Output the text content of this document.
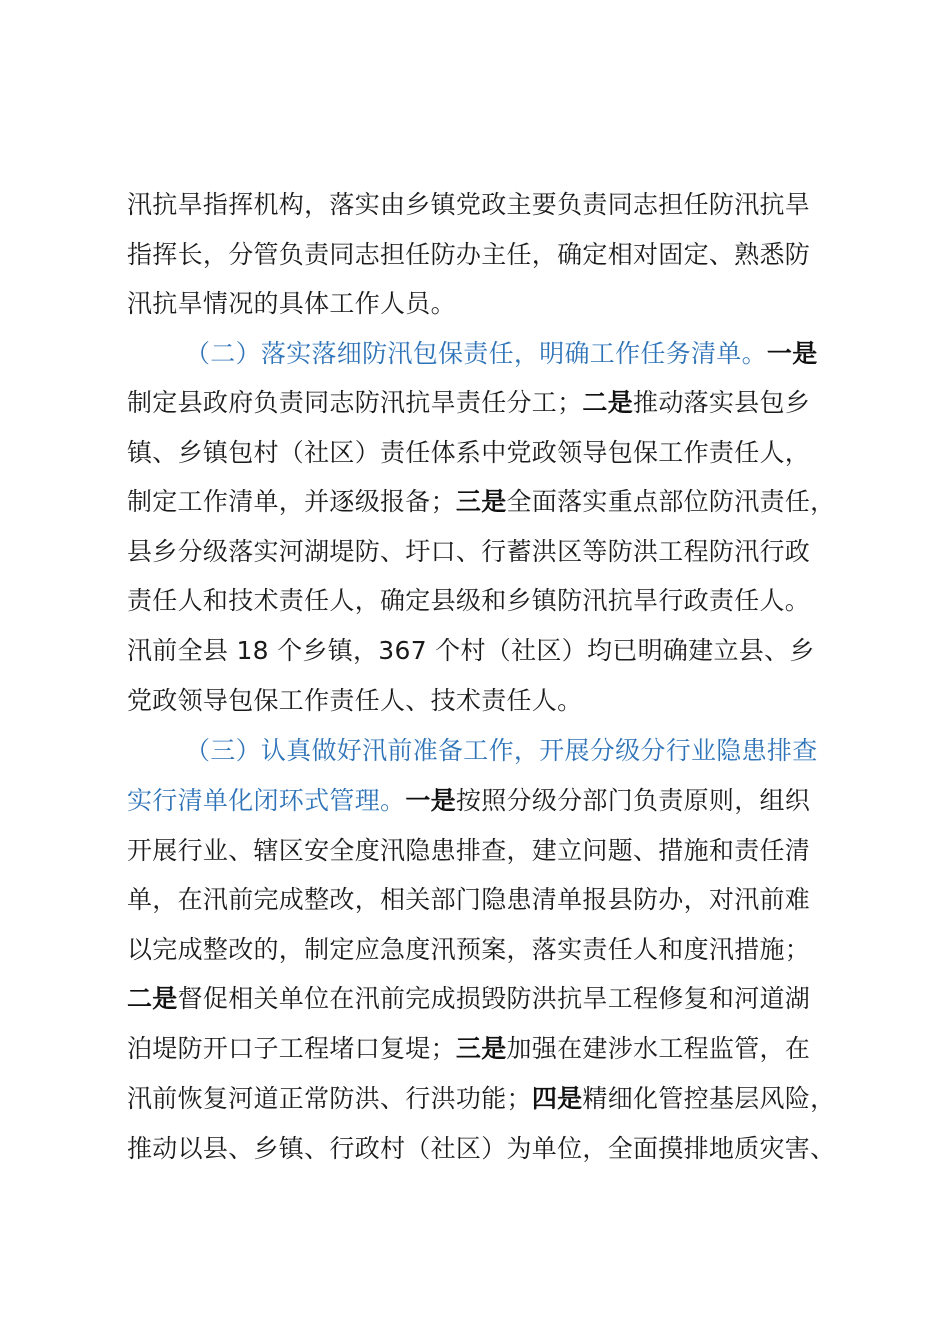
汛抗旱指挥机构，落实由乡镇党政主要负责同志担任防汛抗旱
指挥长，分管负责同志担任防办主任，确定相对固定、熟悉防
汛抗旱情况的具体工作人员。
（二）落实落细防汛包保责任，明确工作任务清单。一是
制定县政府负责同志防汛抗旱责任分工；二是推动落实县包乡
镇、乡镇包村（社区）责任体系中党政领导包保工作责任人，
制定工作清单，并逐级报备；三是全面落实重点部位防汛责任，
县乡分级落实河湖堤防、圩口、行蓄洪区等防洪工程防汛行政
责任人和技术责任人，确定县级和乡镇防汛抗旱行政责任人。
汛前全县 18 个乡镇，367 个村（社区）均已明确建立县、乡
党政领导包保工作责任人、技术责任人。
（三）认真做好汛前准备工作，开展分级分行业隐患排查
实行清单化闭环式管理。一是按照分级分部门负责原则，组织
开展行业、辖区安全度汛隐患排查，建立问题、措施和责任清
单，在汛前完成整改，相关部门隐患清单报县防办，对汛前难
以完成整改的，制定应急度汛预案，落实责任人和度汛措施；
二是督促相关单位在汛前完成损毁防洪抗旱工程修复和河道湖
泊堤防开口子工程堵口复堤；三是加强在建涉水工程监管，在
汛前恢复河道正常防洪、行洪功能；四是精细化管控基层风险，
推动以县、乡镇、行政村（社区）为单位，全面摸排地质灾害、
